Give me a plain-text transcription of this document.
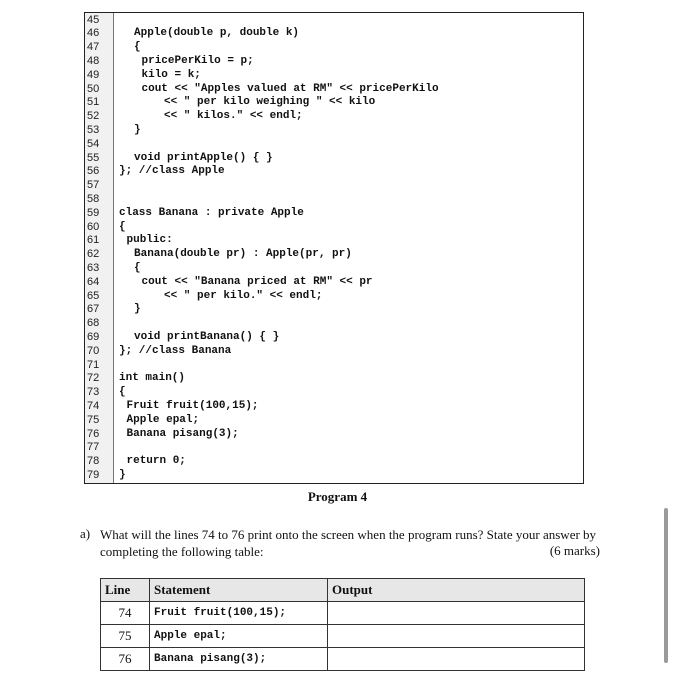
45
46	Apple(double p, double k)
47	{
48	pricePerKilo = p;
49	kilo = k;
50	cout << "Apples valued at RM" << pricePerKilo
51	<< " per kilo weighing " << kilo
52	<< " kilos." << endl;
53	}
54
55	void printApple() { }
56	}; //class Apple
57
58
59	class Banana : private Apple
60	{
61	public:
62	Banana(double pr) : Apple(pr, pr)
63	{
64	cout << "Banana priced at RM" << pr
65	<< " per kilo." << endl;
67	}
68
69	void printBanana() { }
70	}; //class Banana
71
72	int main()
73	{
74	Fruit fruit(100,15);
75	Apple epal;
76	Banana pisang(3);
77
78	return 0;
79	}
Program 4
a) What will the lines 74 to 76 print onto the screen when the program runs? State your answer by completing the following table:	(6 marks)
Line	Statement	Output
74	Fruit fruit(100,15);	
75	Apple epal;	
76	Banana pisang(3);	
